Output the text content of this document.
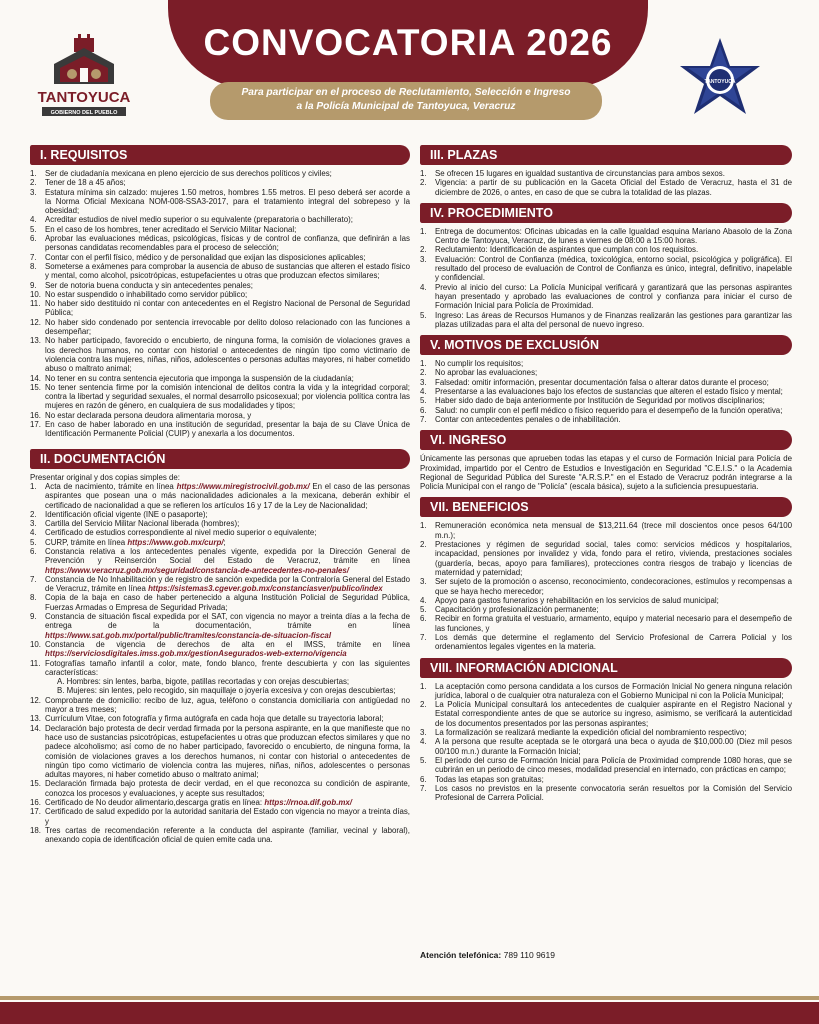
CONVOCATORIA 2026
Para participar en el proceso de Reclutamiento, Selección e Ingreso
a la Policía Municipal de Tantoyuca, Veracruz
TANTOYUCA
GOBIERNO DEL PUEBLO
TANTOYUCA
I. REQUISITOS
1. Ser de ciudadanía mexicana en pleno ejercicio de sus derechos políticos y civiles;
2. Tener de 18 a 45 años;
3. Estatura mínima sin calzado: mujeres 1.50 metros, hombres 1.55 metros. El peso deberá ser acorde a la Norma Oficial Mexicana NOM-008-SSA3-2017, para el tratamiento integral del sobrepeso y la obesidad;
4. Acreditar estudios de nivel medio superior o su equivalente (preparatoria o bachillerato);
5. En el caso de los hombres, tener acreditado el Servicio Militar Nacional;
6. Aprobar las evaluaciones médicas, psicológicas, físicas y de control de confianza, que definirán a las personas candidatas recomendables para el proceso de selección;
7. Contar con el perfil físico, médico y de personalidad que exijan las disposiciones aplicables;
8. Someterse a exámenes para comprobar la ausencia de abuso de sustancias que alteren el estado físico y mental, como alcohol, psicotrópicas, estupefacientes u otras que produzcan efectos similares;
9. Ser de notoria buena conducta y sin antecedentes penales;
10. No estar suspendido o inhabilitado como servidor público;
11. No haber sido destituido ni contar con antecedentes en el Registro Nacional de Personal de Seguridad Pública;
12. No haber sido condenado por sentencia irrevocable por delito doloso relacionado con las funciones a desempeñar;
13. No haber participado, favorecido o encubierto, de ninguna forma, la comisión de violaciones graves a los derechos humanos, no contar con historial o antecedentes de ningún tipo como victimario de violencia contra las mujeres, niñas, niños, adolescentes o personas adultas mayores, ni haber cometido abuso o maltrato animal;
14. No tener en su contra sentencia ejecutoria que imponga la suspensión de la ciudadanía;
15. No tener sentencia firme por la comisión intencional de delitos contra la vida y la integridad corporal; contra la libertad y seguridad sexuales, el normal desarrollo psicosexual; por violencia política contra las mujeres en razón de género, en cualquiera de sus modalidades y tipos;
16. No estar declarada persona deudora alimentaria morosa, y
17. En caso de haber laborado en una institución de seguridad, presentar la baja de su Clave Única de Identificación Permanente Policial (CUIP) y anexarla a los documentos.
II. DOCUMENTACIÓN
Presentar original y dos copias simples de:
1. Acta de nacimiento, trámite en línea https://www.miregistrocivil.gob.mx/ En el caso de las personas aspirantes que posean una o más nacionalidades adicionales a la mexicana, deberán exhibir el certificado de nacionalidad a que se refieren los artículos 16 y 17 de la Ley de Nacionalidad;
2. Identificación oficial vigente (INE o pasaporte);
3. Cartilla del Servicio Militar Nacional liberada (hombres);
4. Certificado de estudios correspondiente al nivel medio superior o equivalente;
5. CURP, trámite en línea https://www.gob.mx/curp/;
6. Constancia relativa a los antecedentes penales vigente, expedida por la Dirección General de Prevención y Reinserción Social del Estado de Veracruz, trámite en línea https://www.veracruz.gob.mx/seguridad/constancia-de-antecedentes-no-penales/
7. Constancia de No Inhabilitación y de registro de sanción expedida por la Contraloría General del Estado de Veracruz, trámite en línea https://sistemas3.cgever.gob.mx/constanciasver/publico/index
8. Copia de la baja en caso de haber pertenecido a alguna Institución Policial de Seguridad Pública, Fuerzas Armadas o Empresa de Seguridad Privada;
9. Constancia de situación fiscal expedida por el SAT, con vigencia no mayor a treinta días a la fecha de entrega de la documentación, trámite en línea https://www.sat.gob.mx/portal/public/tramites/constancia-de-situacion-fiscal
10. Constancia de vigencia de derechos de alta en el IMSS, trámite en línea https://serviciosdigitales.imss.gob.mx/gestionAsegurados-web-externo/vigencia
11. Fotografías tamaño infantil a color, mate, fondo blanco, frente descubierta y con las siguientes características:
A. Hombres: sin lentes, barba, bigote, patillas recortadas y con orejas descubiertas;
B. Mujeres: sin lentes, pelo recogido, sin maquillaje o joyería excesiva y con orejas descubiertas;
12. Comprobante de domicilio: recibo de luz, agua, teléfono o constancia domiciliaria con antigüedad no mayor a tres meses;
13. Currículum Vitae, con fotografía y firma autógrafa en cada hoja que detalle su trayectoria laboral;
14. Declaración bajo protesta de decir verdad firmada por la persona aspirante, en la que manifieste que no hace uso de sustancias psicotrópicas, estupefacientes u otras que produzcan efectos similares y que no padece alcoholismo; así como de no haber participado, favorecido o encubierto, de ninguna forma, la comisión de violaciones graves a los derechos humanos, ni contar con historial o antecedentes de ningún tipo como victimario de violencia contra las mujeres, niñas, niños, adolescentes o personas adultas mayores, ni haber cometido abuso o maltrato animal;
15. Declaración firmada bajo protesta de decir verdad, en el que reconozca su condición de aspirante, conozca los procesos y evaluaciones, y acepte sus resultados;
16. Certificado de No deudor alimentario,descarga gratis en línea: https://rnoa.dif.gob.mx/
17. Certificado de salud expedido por la autoridad sanitaria del Estado con vigencia no mayor a treinta días, y
18. Tres cartas de recomendación referente a la conducta del aspirante (familiar, vecinal y laboral), anexando copia de identificación oficial de quien emite cada una.
III. PLAZAS
1. Se ofrecen 15 lugares en igualdad sustantiva de circunstancias para ambos sexos.
2. Vigencia: a partir de su publicación en la Gaceta Oficial del Estado de Veracruz, hasta el 31 de diciembre de 2026, o antes, en caso de que se cubra la totalidad de las plazas.
IV. PROCEDIMIENTO
1. Entrega de documentos: Oficinas ubicadas en la calle Igualdad esquina Mariano Abasolo de la Zona Centro de Tantoyuca, Veracruz, de lunes a viernes de 08:00 a 15:00 horas.
2. Reclutamiento: Identificación de aspirantes que cumplan con los requisitos.
3. Evaluación: Control de Confianza (médica, toxicológica, entorno social, psicológica y poligráfica). El resultado del proceso de evaluación de Control de Confianza es único, integral, definitivo, inapelable y confidencial.
4. Previo al inicio del curso: La Policía Municipal verificará y garantizará que las personas aspirantes hayan presentado y aprobado las evaluaciones de control y confianza para iniciar el curso de Formación Inicial para Policía de Proximidad.
5. Ingreso: Las áreas de Recursos Humanos y de Finanzas realizarán las gestiones para garantizar las plazas utilizadas para el alta del personal de nuevo ingreso.
V. MOTIVOS DE EXCLUSIÓN
1. No cumplir los requisitos;
2. No aprobar las evaluaciones;
3. Falsedad: omitir información, presentar documentación falsa o alterar datos durante el proceso;
4. Presentarse a las evaluaciones bajo los efectos de sustancias que alteren el estado físico y mental;
5. Haber sido dado de baja anteriormente por Institución de Seguridad por motivos disciplinarios;
6. Salud: no cumplir con el perfil médico o físico requerido para el desempeño de la función operativa;
7. Contar con antecedentes penales o de inhabilitación.
VI. INGRESO
Únicamente las personas que aprueben todas las etapas y el curso de Formación Inicial para Policía de Proximidad, impartido por el Centro de Estudios e Investigación en Seguridad "C.E.I.S." o la Academia Regional de Seguridad Pública del Sureste "A.R.S.P." en el Estado de Veracruz podrán integrarse a la Policía Municipal con el rango de "Policía" (escala básica), sujeto a la suficiencia presupuestaria.
VII. BENEFICIOS
1. Remuneración económica neta mensual de $13,211.64 (trece mil doscientos once pesos 64/100 m.n.);
2. Prestaciones y régimen de seguridad social, tales como: servicios médicos y hospitalarios, incapacidad, pensiones por invalidez y vida, fondo para el retiro, vivienda, prestaciones sociales (guardería, becas, apoyo para familiares), protecciones contra riesgos de trabajo y licencias de maternidad y paternidad;
3. Ser sujeto de la promoción o ascenso, reconocimiento, condecoraciones, estímulos y recompensas a que se haya hecho merecedor;
4. Apoyo para gastos funerarios y rehabilitación en los servicios de salud municipal;
5. Capacitación y profesionalización permanente;
6. Recibir en forma gratuita el vestuario, armamento, equipo y material necesario para el desempeño de las funciones, y
7. Los demás que determine el reglamento del Servicio Profesional de Carrera Policial y los ordenamientos legales vigentes en la materia.
VIII. INFORMACIÓN ADICIONAL
1. La aceptación como persona candidata a los cursos de Formación Inicial No genera ninguna relación jurídica, laboral o de cualquier otra naturaleza con el Gobierno Municipal ni con la Policía Municipal;
2. La Policía Municipal consultará los antecedentes de cualquier aspirante en el Registro Nacional y Estatal correspondiente antes de que se autorice su ingreso, asimismo, se verificará la autenticidad de los documentos presentados por las personas aspirantes;
3. La formalización se realizará mediante la expedición oficial del nombramiento respectivo;
4. A la persona que resulte aceptada se le otorgará una beca o ayuda de $10,000.00 (Diez mil pesos 00/100 m.n.) durante la Formación Inicial;
5. El período del curso de Formación Inicial para Policía de Proximidad comprende 1080 horas, que se cubrirán en un periodo de cinco meses, modalidad presencial en internado, con prácticas en campo;
6. Todas las etapas son gratuitas;
7. Los casos no previstos en la presente convocatoria serán resueltos por la Comisión del Servicio Profesional de Carrera Policial.
Atención telefónica: 789 110 9619
